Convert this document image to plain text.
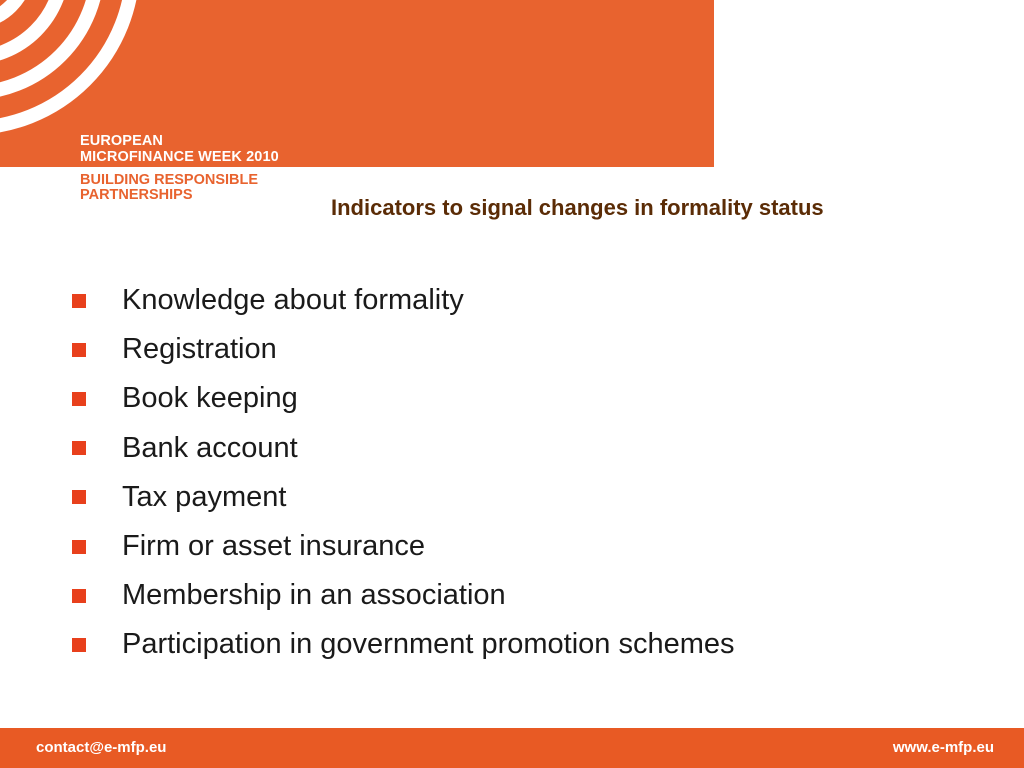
EUROPEAN
MICROFINANCE WEEK 2010
BUILDING RESPONSIBLE
PARTNERSHIPS	Indicators to signal changes in formality status
Knowledge about formality
Registration
Book keeping
Bank account
Tax payment
Firm or asset insurance
Membership in an association
Participation in government promotion schemes
contact@e-mfp.eu	www.e-mfp.eu
